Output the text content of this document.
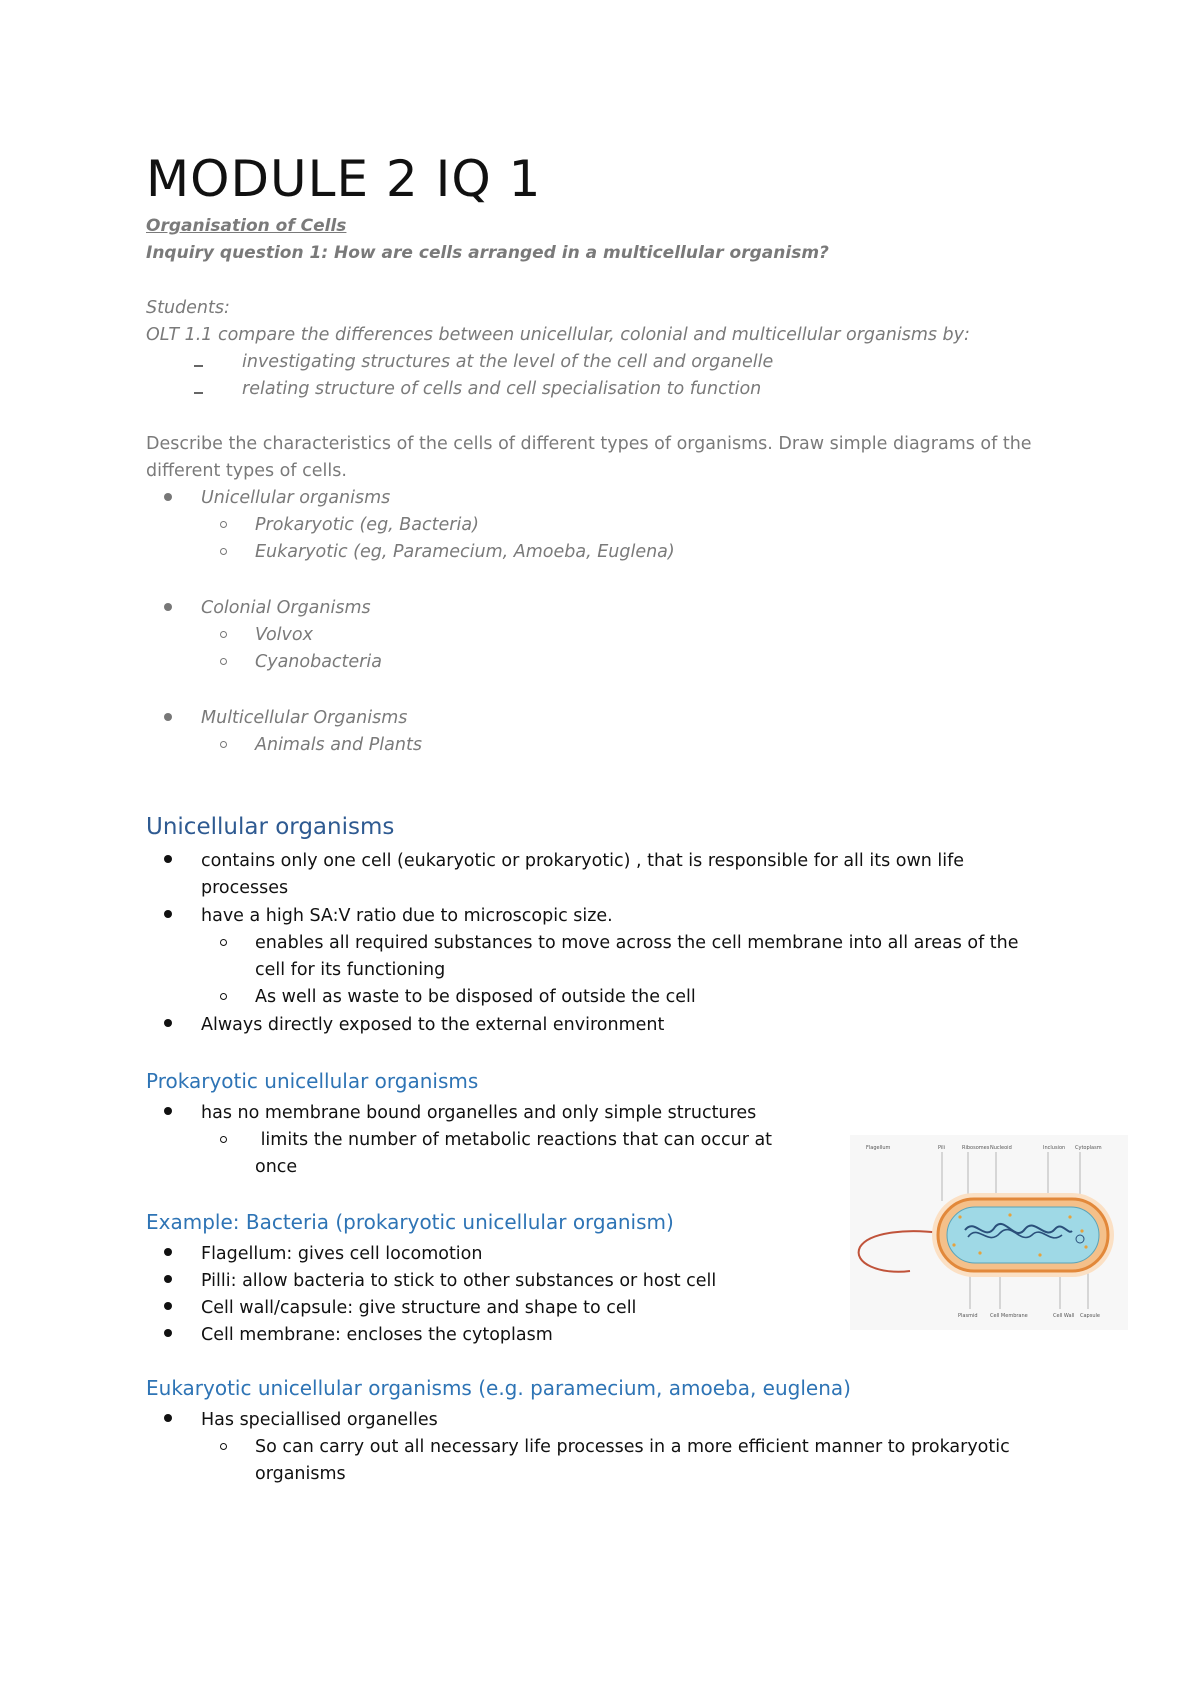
MODULE 2 IQ 1
Organisation of Cells
Inquiry question 1: How are cells arranged in a multicellular organism?
Students:
OLT 1.1 compare the differences between unicellular, colonial and multicellular organisms by:
investigating structures at the level of the cell and organelle
relating structure of cells and cell specialisation to function
Describe the characteristics of the cells of different types of organisms. Draw simple diagrams of the
different types of cells.
Unicellular organisms
Prokaryotic (eg, Bacteria)
Eukaryotic (eg, Paramecium, Amoeba, Euglena)
Colonial Organisms
Volvox
Cyanobacteria
Multicellular Organisms
Animals and Plants
Unicellular organisms
contains only one cell (eukaryotic or prokaryotic) , that is responsible for all its own life
processes
have a high SA:V ratio due to microscopic size.
enables all required substances to move across the cell membrane into all areas of the
cell for its functioning
As well as waste to be disposed of outside the cell
Always directly exposed to the external environment
Prokaryotic unicellular organisms
has no membrane bound organelles and only simple structures
limits the number of metabolic reactions that can occur at
once
Example: Bacteria (prokaryotic unicellular organism)
Flagellum: gives cell locomotion
Pilli: allow bacteria to stick to other substances or host cell
Cell wall/capsule: give structure and shape to cell
Cell membrane: encloses the cytoplasm
Eukaryotic unicellular organisms (e.g. paramecium, amoeba, euglena)
Has speciallised organelles
So can carry out all necessary life processes in a more efficient manner to prokaryotic
organisms
Flagellum	Pili	Ribosomes Nucleoid	Inclusion Cytoplasm
Plasmid Cell Membrane	Cell Wall Capsule
